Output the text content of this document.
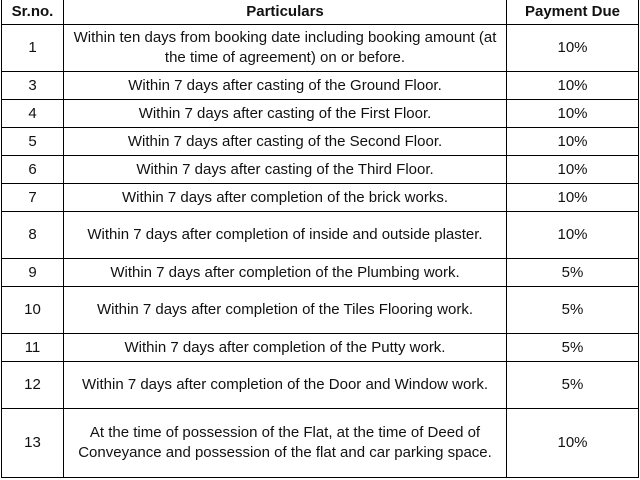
Sr.no.	Particulars	Payment Due
1	Within ten days from booking date including booking amount (at the time of agreement) on or before.	10%
3	Within 7 days after casting of the Ground Floor.	10%
4	Within 7 days after casting of the First Floor.	10%
5	Within 7 days after casting of the Second Floor.	10%
6	Within 7 days after casting of the Third Floor.	10%
7	Within 7 days after completion of the brick works.	10%
8	Within 7 days after completion of inside and outside plaster.	10%
9	Within 7 days after completion of the Plumbing work.	5%
10	Within 7 days after completion of the Tiles Flooring work.	5%
11	Within 7 days after completion of the Putty work.	5%
12	Within 7 days after completion of the Door and Window work.	5%
13	At the time of possession of the Flat, at the time of Deed of Conveyance and possession of the flat and car parking space.	10%
